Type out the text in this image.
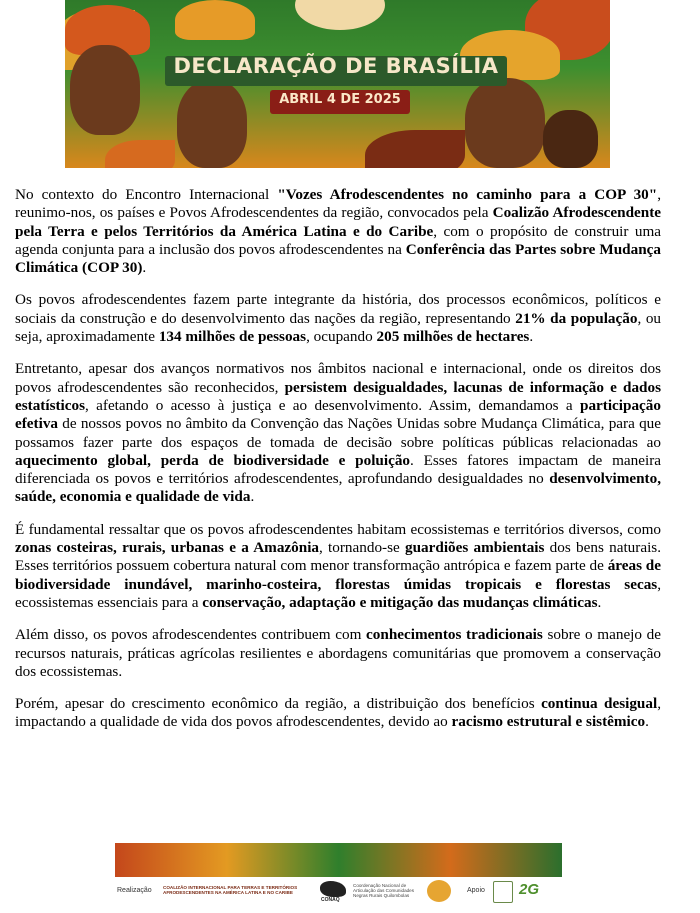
DECLARAÇÃO DE BRASÍLIA
ABRIL 4 DE 2025

No contexto do Encontro Internacional "Vozes Afrodescendentes no caminho para a COP 30", reunimo-nos, os países e Povos Afrodescendentes da região, convocados pela Coalizão Afrodescendente pela Terra e pelos Territórios da América Latina e do Caribe, com o propósito de construir uma agenda conjunta para a inclusão dos povos afrodescendentes na Conferência das Partes sobre Mudança Climática (COP 30).

Os povos afrodescendentes fazem parte integrante da história, dos processos econômicos, políticos e sociais da construção e do desenvolvimento das nações da região, representando 21% da população, ou seja, aproximadamente 134 milhões de pessoas, ocupando 205 milhões de hectares.

Entretanto, apesar dos avanços normativos nos âmbitos nacional e internacional, onde os direitos dos povos afrodescendentes são reconhecidos, persistem desigualdades, lacunas de informação e dados estatísticos, afetando o acesso à justiça e ao desenvolvimento. Assim, demandamos a participação efetiva de nossos povos no âmbito da Convenção das Nações Unidas sobre Mudança Climática, para que possamos fazer parte dos espaços de tomada de decisão sobre políticas públicas relacionadas ao aquecimento global, perda de biodiversidade e poluição. Esses fatores impactam de maneira diferenciada os povos e territórios afrodescendentes, aprofundando desigualdades no desenvolvimento, saúde, economia e qualidade de vida.

É fundamental ressaltar que os povos afrodescendentes habitam ecossistemas e territórios diversos, como zonas costeiras, rurais, urbanas e a Amazônia, tornando-se guardiões ambientais dos bens naturais. Esses territórios possuem cobertura natural com menor transformação antrópica e fazem parte de áreas de biodiversidade inundável, marinho-costeira, florestas úmidas tropicais e florestas secas, ecossistemas essenciais para a conservação, adaptação e mitigação das mudanças climáticas.

Além disso, os povos afrodescendentes contribuem com conhecimentos tradicionais sobre o manejo de recursos naturais, práticas agrícolas resilientes e abordagens comunitárias que promovem a conservação dos ecossistemas.

Porém, apesar do crescimento econômico da região, a distribuição dos benefícios continua desigual, impactando a qualidade de vida dos povos afrodescendentes, devido ao racismo estrutural e sistêmico.

Realização COALIZÃO INTERNACIONAL PARA TERRAS E TERRITÓRIOS AFRODESCENDENTES NA AMÉRICA LATINA E NO CARIBE
CONAQ
Coordenação Nacional de Articulação das Comunidades Negras Rurais Quilombolas
Apoio 2G
